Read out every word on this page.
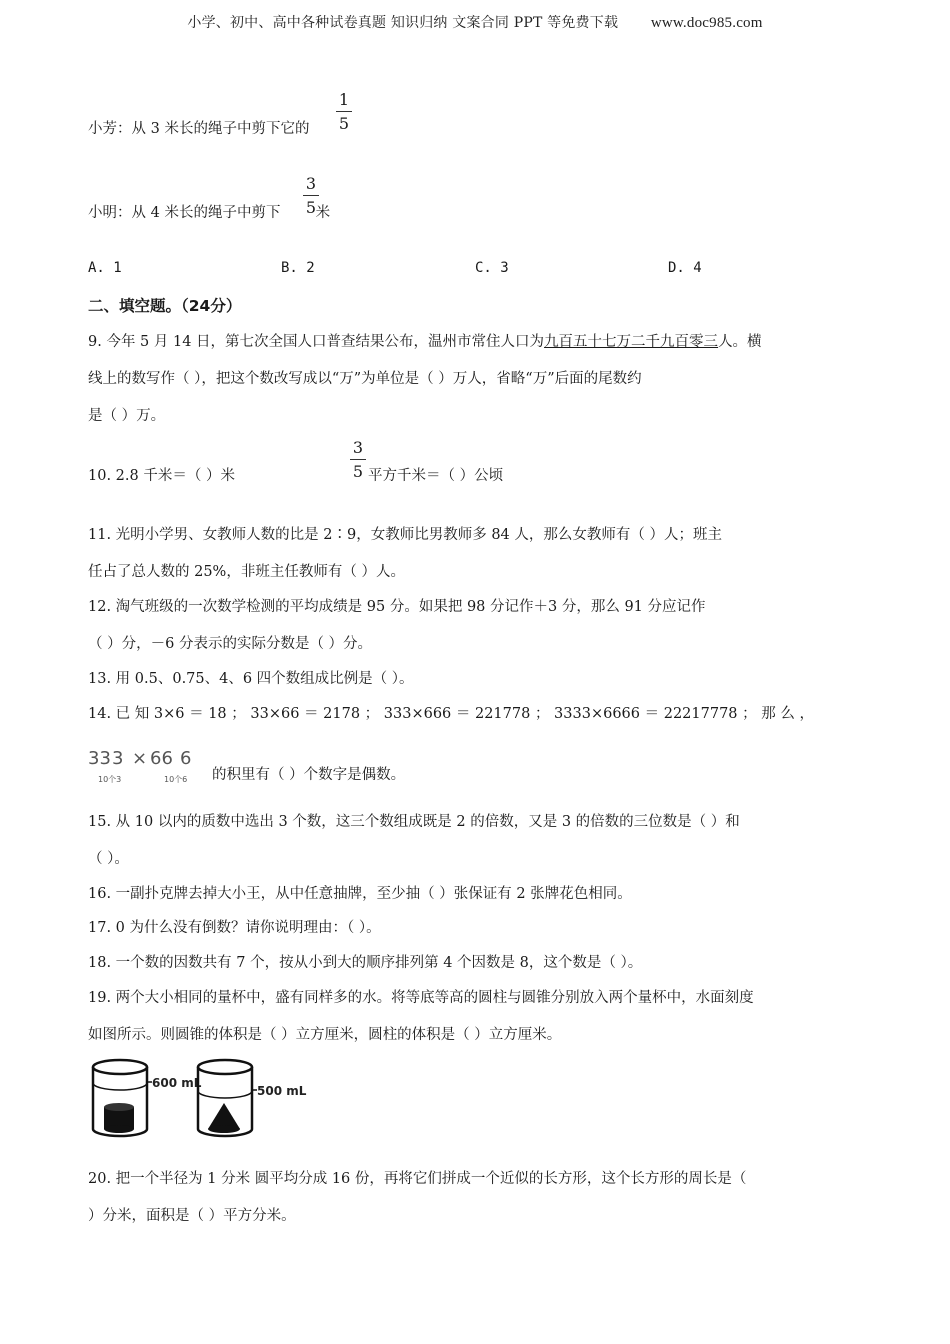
小学、初中、高中各种试卷真题 知识归纳 文案合同 PPT 等免费下载 www.doc985.com
小芳：从 3 米长的绳子中剪下它的
1
5
小明：从 4 米长的绳子中剪下 米
3
5
A. 1	B. 2	C. 3	D. 4
二、填空题。（24分）
9. 今年 5 月 14 日，第七次全国人口普查结果公布，温州市常住人口为九百五十七万二千九百零三人。横
线上的数写作（ ），把这个数改写成以“万”为单位是（ ）万人，省略“万”后面的尾数约
是（ ）万。
10. 2.8 千米＝（ ）米
3
5 平方千米＝（ ）公顷
11. 光明小学男、女教师人数的比是 2∶9，女教师比男教师多 84 人，那么女教师有（ ）人；班主
任占了总人数的 25%，非班主任教师有（ ）人。
12. 淘气班级的一次数学检测的平均成绩是 95 分。如果把 98 分记作＋3 分，那么 91 分应记作
（ ）分，－6 分表示的实际分数是（ ）分。
13. 用 0.5、0.75、4、6 四个数组成比例是（ ）。
14. 已 知 3×6 ＝ 18 ； 33×66 ＝ 2178 ； 333×666 ＝ 221778 ； 3333×6666 ＝ 22217778 ； 那 么 ，
33 3 × 66 6
10个3	10个6 的积里有（ ）个数字是偶数。
15. 从 10 以内的质数中选出 3 个数，这三个数组成既是 2 的倍数，又是 3 的倍数的三位数是（ ）和
（ ）。
16. 一副扑克牌去掉大小王，从中任意抽牌，至少抽（ ）张保证有 2 张牌花色相同。
17. 0 为什么没有倒数？请你说明理由：（ ）。
18. 一个数的因数共有 7 个，按从小到大的顺序排列第 4 个因数是 8，这个数是（ ）。
19. 两个大小相同的量杯中，盛有同样多的水。将等底等高的圆柱与圆锥分别放入两个量杯中，水面刻度
如图所示。则圆锥的体积是（ ）立方厘米，圆柱的体积是（ ）立方厘米。
600 mL
500 mL
20. 把一个半径为 1 分米 圆平均分成 16 份，再将它们拼成一个近似的长方形，这个长方形的周长是（
）分米，面积是（ ）平方分米。
